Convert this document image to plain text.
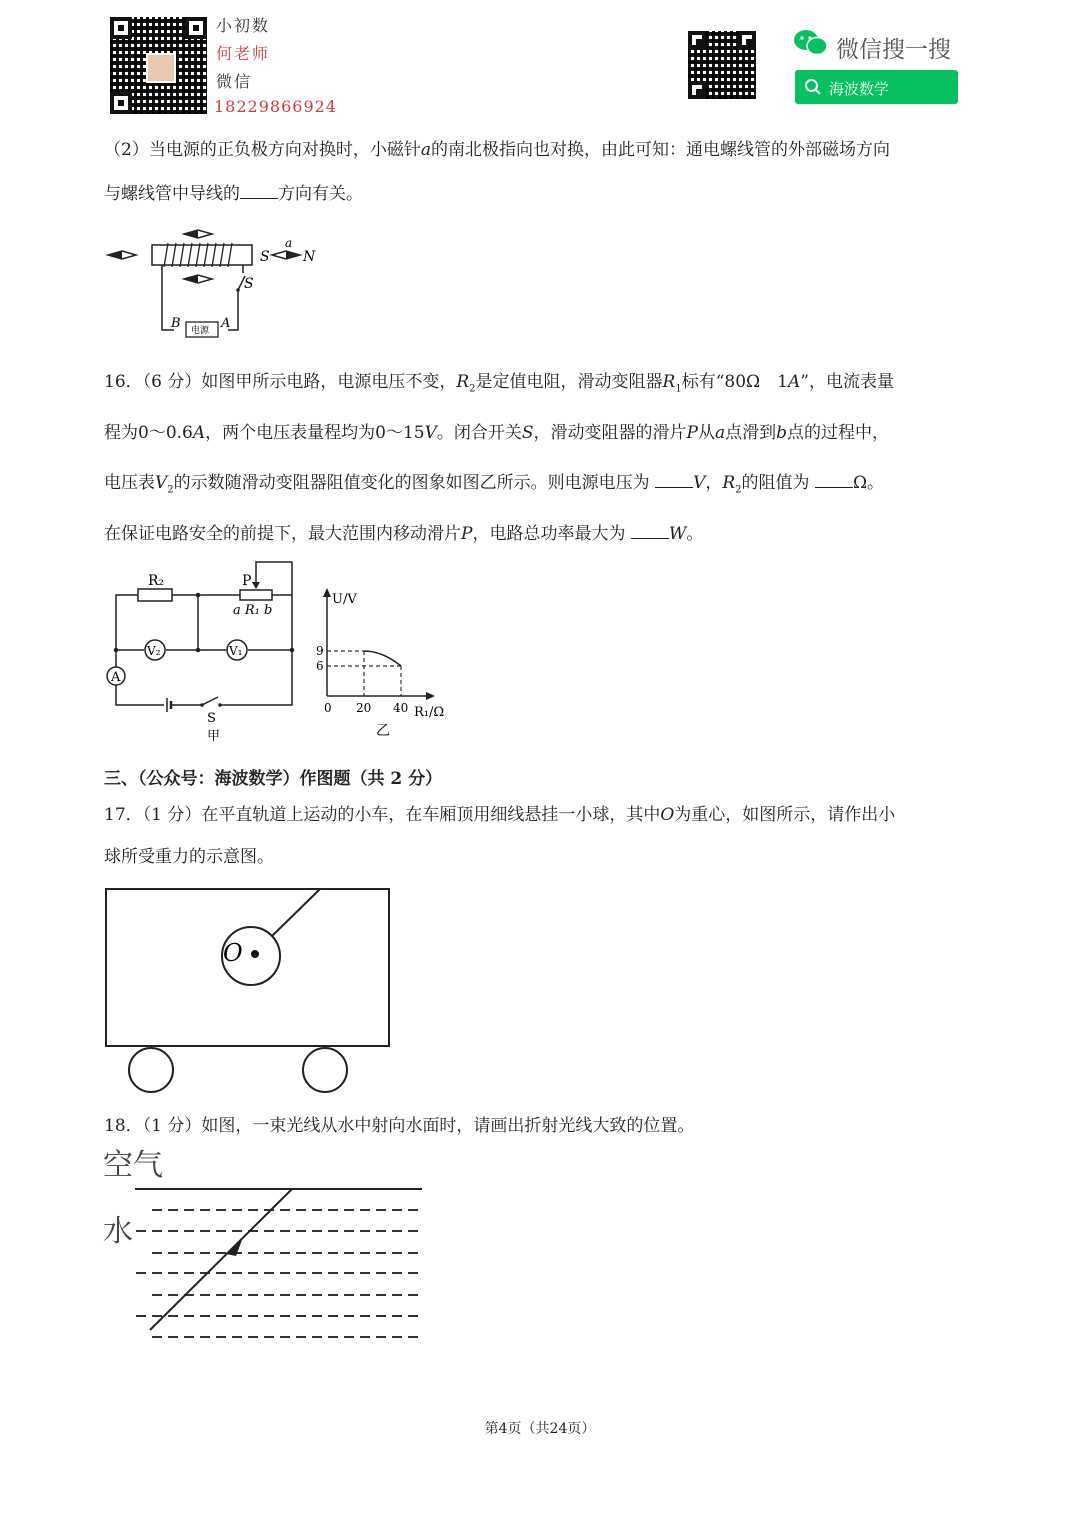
小初数
何老师
微信
18229866924
微信搜一搜
海波数学
（2）当电源的正负极方向对换时，小磁针a的南北极指向也对换，由此可知：通电螺线管的外部磁场方向
与螺线管中导线的 方向有关。
S
a
N
S
电源
B	A
16．（6 分）如图甲所示电路，电源电压不变，$R_2$是定值电阻，滑动变阻器$R_1$标有“80Ω　1A”，电流表量
程为0～0.6A，两个电压表量程均为0～15V。闭合开关S，滑动变阻器的滑片P从a点滑到b点的过程中，
电压表$V_2$的示数随滑动变阻器阻值变化的图象如图乙所示。则电源电压为	V，$R_2$的阻值为	Ω。
在保证电路安全的前提下，最大范围内移动滑片P，电路总功率最大为	W。
R₂	P
a R₁ b
V₂	V₁
A
S
甲
0 20 40
6
9
U/V
R₁/Ω
乙
三、（公众号：海波数学）作图题（共 2 分）
17．（1 分）在平直轨道上运动的小车，在车厢顶用细线悬挂一小球，其中O为重心，如图所示，请作出小
球所受重力的示意图。
O
18．（1 分）如图，一束光线从水中射向水面时，请画出折射光线大致的位置。
空气
水
第4页（共24页）
